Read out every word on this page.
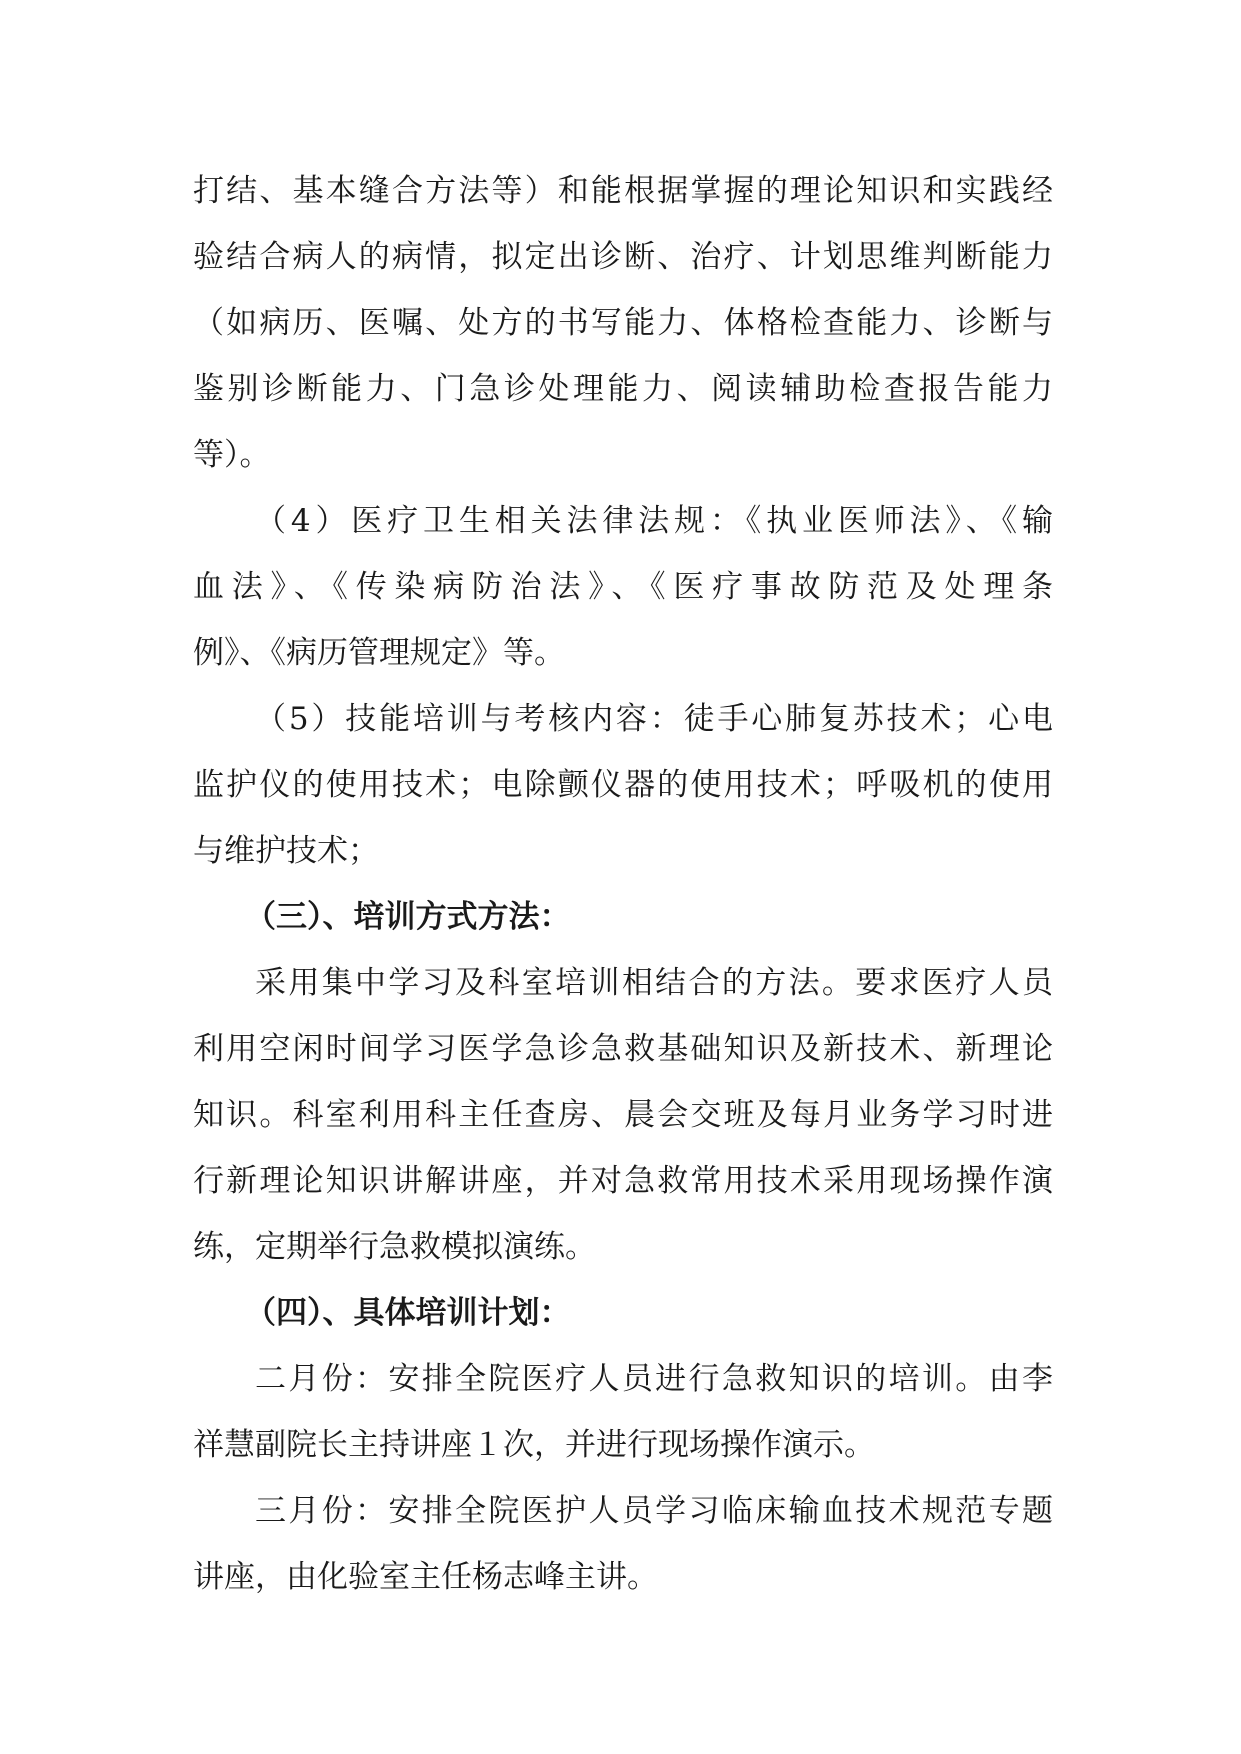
打结、基本缝合方法等）和能根据掌握的理论知识和实践经
验结合病人的病情，拟定出诊断、治疗、计划思维判断能力
（如病历、医嘱、处方的书写能力、体格检查能力、诊断与
鉴别诊断能力、门急诊处理能力、阅读辅助检查报告能力
等）。
（4）医疗卫生相关法律法规：《执业医师法》、《输
血法》、《传染病防治法》、《医疗事故防范及处理条
例》、《病历管理规定》等。
（5）技能培训与考核内容：徒手心肺复苏技术；心电
监护仪的使用技术；电除颤仪器的使用技术；呼吸机的使用
与维护技术；
（三）、培训方式方法：
采用集中学习及科室培训相结合的方法。要求医疗人员
利用空闲时间学习医学急诊急救基础知识及新技术、新理论
知识。科室利用科主任查房、晨会交班及每月业务学习时进
行新理论知识讲解讲座，并对急救常用技术采用现场操作演
练，定期举行急救模拟演练。
（四）、具体培训计划：
二月份：安排全院医疗人员进行急救知识的培训。由李
祥慧副院长主持讲座１次，并进行现场操作演示。
三月份：安排全院医护人员学习临床输血技术规范专题
讲座，由化验室主任杨志峰主讲。
